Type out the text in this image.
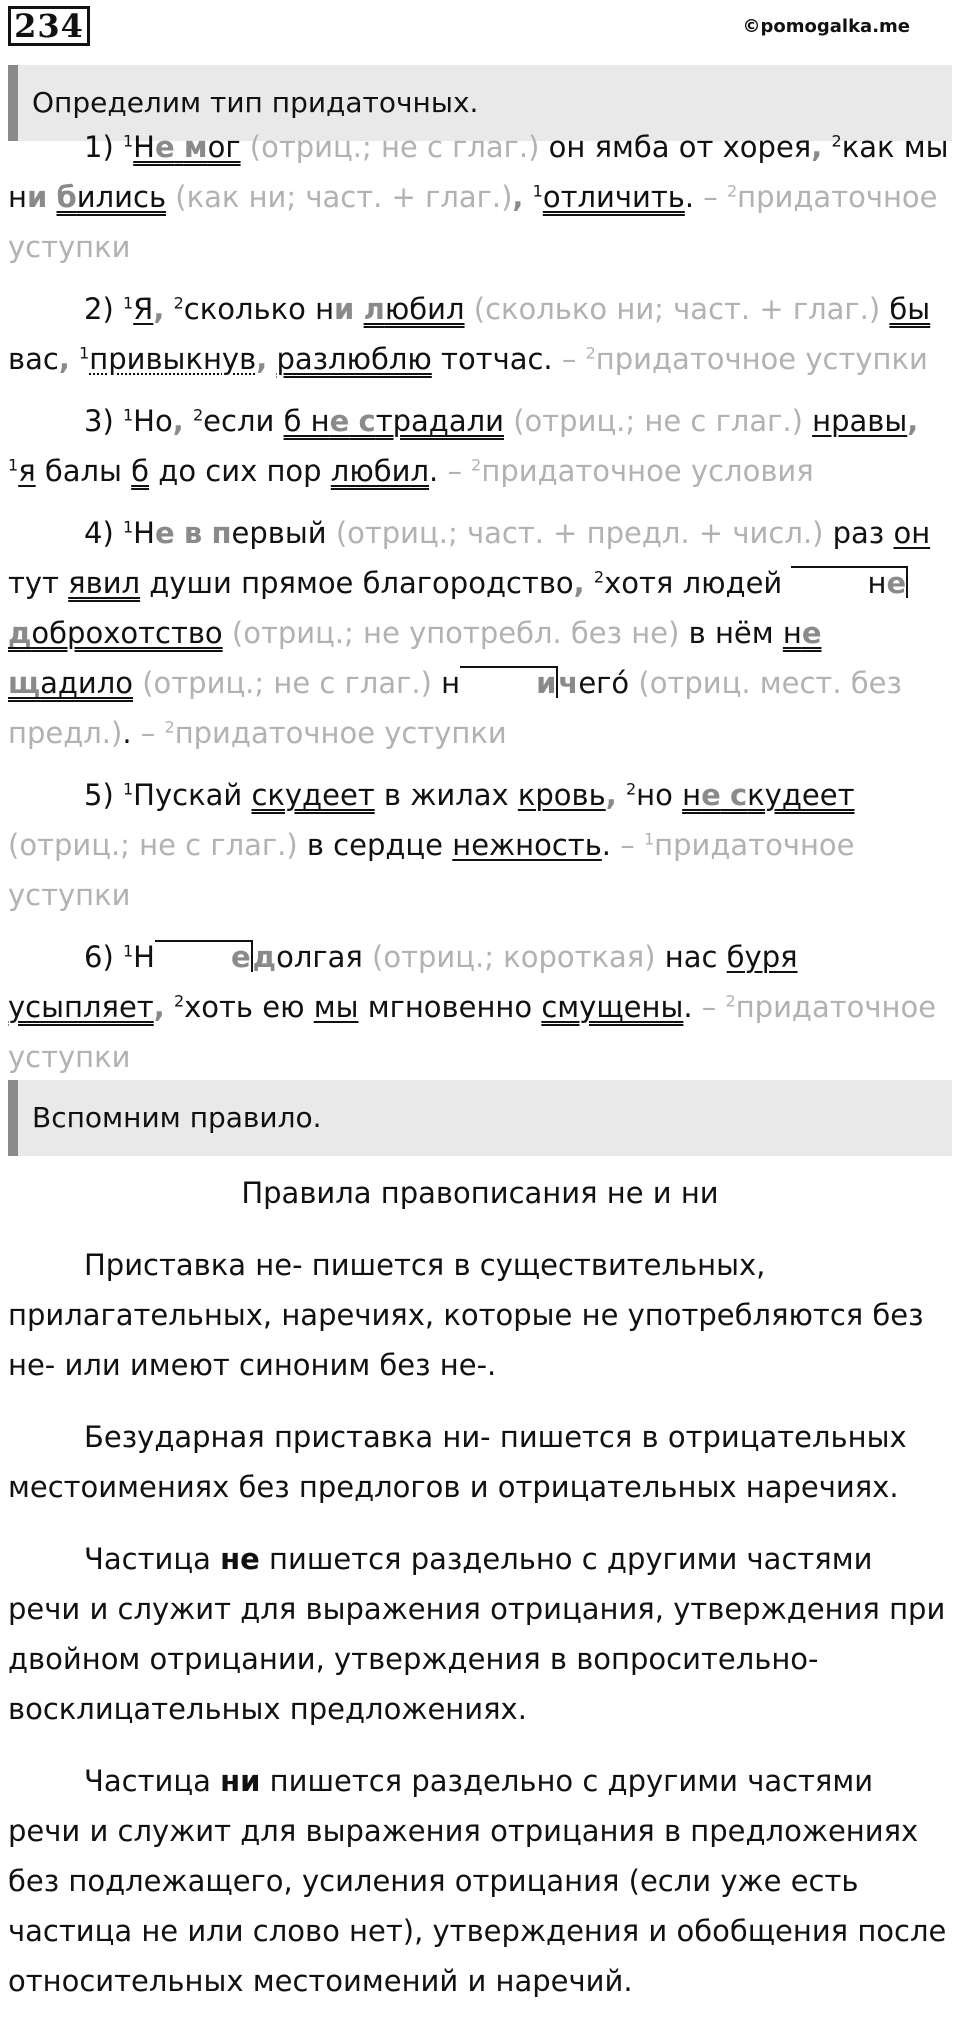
234	©pomogalka.me
Определим тип придаточных.

1) $^1$Не мог (отриц.; не с глаг.) он ямба от хорея, $^2$как мы ни бились (как ни; част. + глаг.), $^1$отличить. – $^2$придаточное уступки

2) $^1$Я, $^2$сколько ни любил (сколько ни; част. + глаг.) бы вас, $^1$привыкнув, разлюблю тотчас. – $^2$придаточное уступки

3) $^1$Но, $^2$если б не страдали (отриц.; не с глаг.) нравы, $^1$я балы б до сих пор любил. – $^2$придаточное условия

4) $^1$Не в первый (отриц.; част. + предл. + числ.) раз он тут явил души прямое благородство, $^2$хотя людей	недоброхотство (отриц.; не употребл. без не) в нём не щадило (отриц.; не с глаг.) н	ичего́ (отриц. мест. без предл.). – $^2$придаточное уступки

5) $^1$Пускай скудеет в жилах кровь, $^2$но не скудеет (отриц.; не с глаг.) в сердце нежность. – $^1$придаточное уступки

6) $^1$Н	едолгая (отриц.; короткая) нас буря усыпляет, $^2$хоть ею мы мгновенно смущены. – $^2$придаточное уступки

Вспомним правило.

Правила правописания не и ни

Приставка не- пишется в существительных, прилагательных, наречиях, которые не употребляются без не- или имеют синоним без не-.

Безударная приставка ни- пишется в отрицательных местоимениях без предлогов и отрицательных наречиях.

Частица не пишется раздельно с другими частями речи и служит для выражения отрицания, утверждения при двойном отрицании, утверждения в вопросительно-восклицательных предложениях.

Частица ни пишется раздельно с другими частями речи и служит для выражения отрицания в предложениях без подлежащего, усиления отрицания (если уже есть частица не или слово нет), утверждения и обобщения после относительных местоимений и наречий.
